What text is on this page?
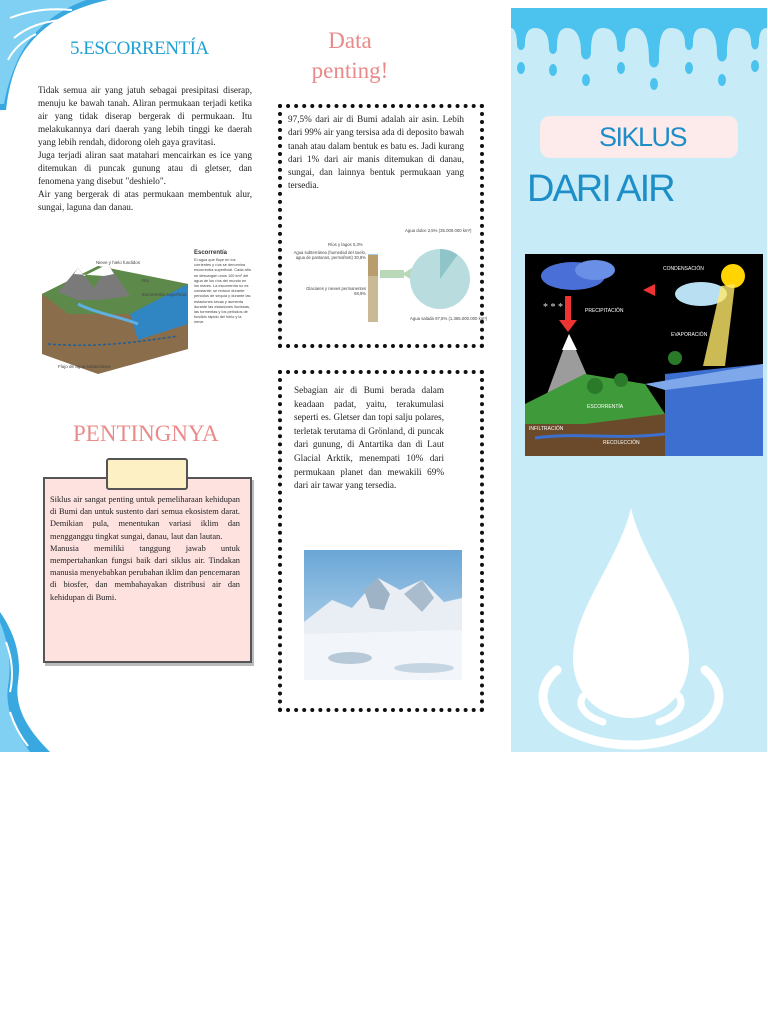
5.ESCORRENTÍA

Tidak semua air yang jatuh sebagai presipitasi diserap, menuju ke bawah tanah. Aliran permukaan terjadi ketika air yang tidak diserap bergerak di permukaan. Itu melakukannya dari daerah yang lebih tinggi ke daerah yang lebih rendah, didorong oleh gaya gravitasi.

Juga terjadi aliran saat matahari mencairkan es ice yang ditemukan di puncak gunung atau di gletser, dan fenomena yang disebut "deshielo".

Air yang bergerak di atas permukaan membentuk alur, sungai, laguna dan danau.

Nieve y hielo fundidos
Río
Escorrentía superficial
Flujo de agua subterránea
Escorrentía
El agua que fluye en los corrientes y ríos se denomina escorrentía superficial. Cada año se descargan unos 100 km³ del agua de los ríos del mundo en los mares. La escorrentía no es constante; se reduce durante periodos de sequía y durante las estaciones secas y aumenta durante las estaciones lluviosas, las tormentas y los periodos de fundido rápido del hielo y la nieve.
PENTINGNYA

Siklus air sangat penting untuk pemeliharaan kehidupan di Bumi dan untuk sustento dari semua ekosistem darat. Demikian pula, menentukan variasi iklim dan mengganggu tingkat sungai, danau, laut dan lautan.

Manusia memiliki tanggung jawab untuk mempertahankan fungsi baik dari siklus air. Tindakan manusia menyebabkan perubahan iklim dan pencemaran di biosfer, dan membahayakan distribusi air dan kehidupan di Bumi.

Data
penting!
97,5% dari air di Bumi adalah air asin. Lebih dari 99% air yang tersisa ada di deposito bawah tanah atau dalam bentuk es batu es. Jadi kurang dari 1% dari air manis ditemukan di danau, sungai, dan lainnya bentuk permukaan yang tersedia.
Agua dulce 2,5% (35.000.000 km³)
Agua salada 97,5% (1.365.000.000 km³)
Ríos y lagos 0,3%
Agua subterránea (humedad del suelo, agua de pantanos, permafrost) 30,8%
Glaciares y nieves permanentes 68,9%
Sebagian air di Bumi berada dalam keadaan padat, yaitu, terakumulasi seperti es. Gletser dan topi salju polares, terletak terutama di Grönland, di puncak dari gunung, di Antartika dan di Laut Glacial Arktik, menempati 10% dari permukaan planet dan mewakili 69% dari air tawar yang tersedia.
SIKLUS
DARI AIR
* * *
CONDENSACIÓN
PRECIPITACIÓN
EVAPORACIÓN
ESCORRENTÍA
INFILTRACIÓN
RECOLECCIÓN
